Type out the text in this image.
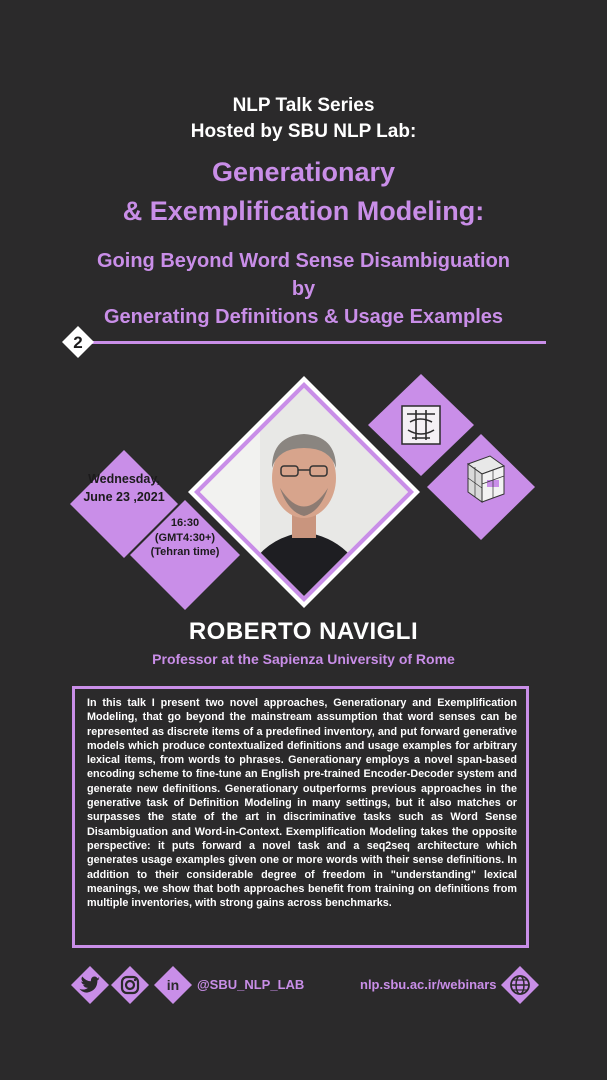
NLP Talk Series
Hosted by SBU NLP Lab:
Generationary
& Exemplification Modeling:
Going Beyond Word Sense Disambiguation
by
Generating Definitions & Usage Examples
2
Wednesday,
June 23 ,2021
16:30
(GMT4:30+)
(Tehran time)
ROBERTO NAVIGLI
Professor at the Sapienza University of Rome
In this talk I present two novel approaches, Generationary and Exemplification Modeling, that go beyond the mainstream assumption that word senses can be represented as discrete items of a predefined inventory, and put forward generative models which produce contextualized definitions and usage examples for arbitrary lexical items, from words to phrases. Generationary employs a novel span-based encoding scheme to fine-tune an English pre-trained Encoder-Decoder system and generate new definitions. Generationary outperforms previous approaches in the generative task of Definition Modeling in many settings, but it also matches or surpasses the state of the art in discriminative tasks such as Word Sense Disambiguation and Word-in-Context. Exemplification Modeling takes the opposite perspective: it puts forward a novel task and a seq2seq architecture which generates usage examples given one or more words with their sense definitions. In addition to their considerable degree of freedom in "understanding" lexical meanings, we show that both approaches benefit from training on definitions from multiple inventories, with strong gains across benchmarks.
in @SBU_NLP_LAB	nlp.sbu.ac.ir/webinars
